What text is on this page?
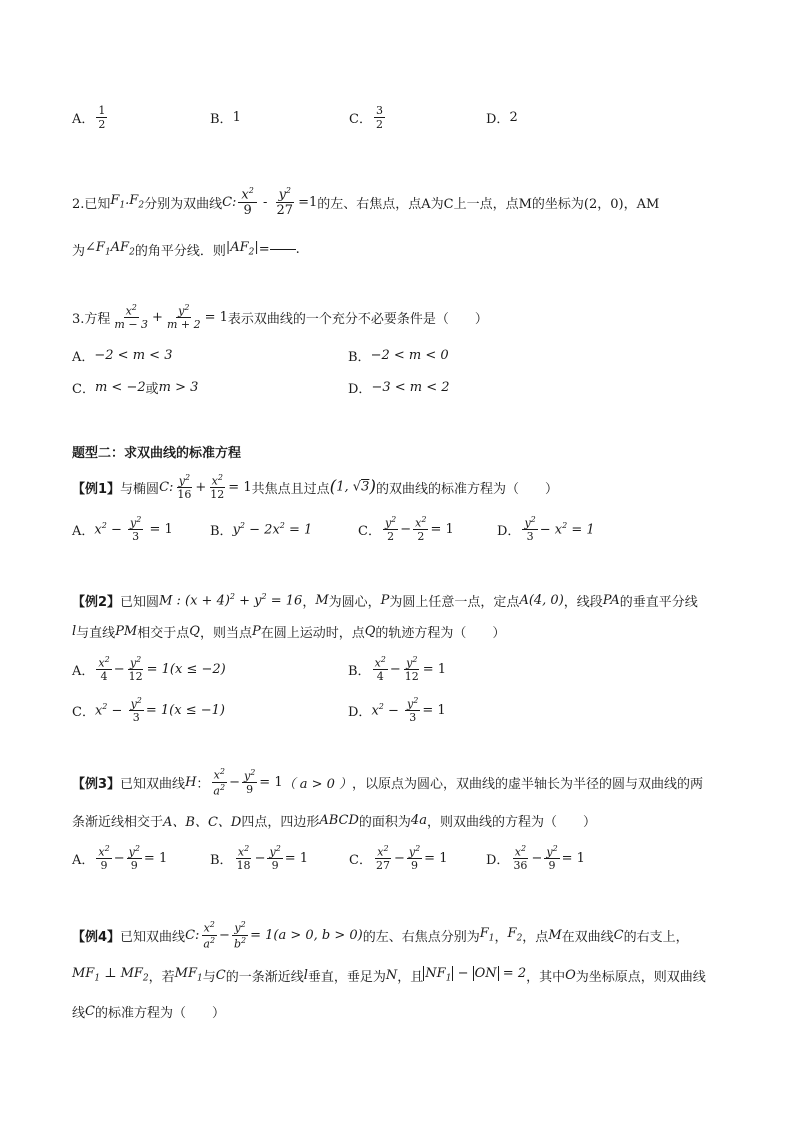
A． $\frac{1}{2}$	B． 1	C． $\frac{3}{2}$	D． 2
2.已知 $F_1.F_2$ 分别为双曲线 C: $\frac{x^2}{9} - \frac{y^2}{27} =1$ 的左、右焦点，点A为C上一点，点M的坐标为(2，0)，AM
为 $\angle F_1AF_2$ 的角平分线．则 $|AF_2|$ = .
3.方程 $\frac{x^2}{m - 3} + \frac{y^2}{m + 2} = 1$ 表示双曲线的一个充分不必要条件是（　　）
A． −2 < m < 3	B． −2 < m < 0
C． m < −2 或 m > 3	D． −3 < m < 2
题型二：求双曲线的标准方程
【例1】 与椭圆 C: $\frac{y^2}{16} + \frac{x^2}{12} = 1$ 共焦点且过点 (1, √3) 的双曲线的标准方程为（　　）
A． $x^2 - \frac{y^2}{3} = 1$	B． $y^2 - 2x^2 = 1$	C． $\frac{y^2}{2} - \frac{x^2}{2} = 1$	D． $\frac{y^2}{3} - x^2 = 1$
【例2】 已知圆 M : $(x + 4)^2 + y^2 = 16$ ， M 为圆心， P 为圆上任意一点，定点 A(4, 0) ，线段 PA 的垂直平分线
l 与直线 PM 相交于点 Q ，则当点 P 在圆上运动时，点 Q 的轨迹方程为（　　）
A． $\frac{x^2}{4} - \frac{y^2}{12} = 1(x \le -2)$	B． $\frac{x^2}{4} - \frac{y^2}{12} = 1$
C． $x^2 - \frac{y^2}{3} = 1(x \le -1)$	D． $x^2 - \frac{y^2}{3} = 1$
【例3】 已知双曲线 H ： $\frac{x^2}{a^2} - \frac{y^2}{9} = 1$ （ a > 0 ） ，以原点为圆心，双曲线的虚半轴长为半径的圆与双曲线的两
条渐近线相交于 A、B、C、D 四点，四边形 ABCD 的面积为 4a ，则双曲线的方程为（　　）
A． $\frac{x^2}{9} - \frac{y^2}{9} = 1$	B． $\frac{x^2}{18} - \frac{y^2}{9} = 1$	C． $\frac{x^2}{27} - \frac{y^2}{9} = 1$	D． $\frac{x^2}{36} - \frac{y^2}{9} = 1$
【例4】 已知双曲线 C: $\frac{x^2}{a^2} - \frac{y^2}{b^2} = 1(a > 0$, b > 0) 的左、右焦点分别为 $F_1$ ， $F_2$ ，点 M 在双曲线 C 的右支上，
$MF_1$ ⊥ $MF_2$ ，若 $MF_1$ 与 C 的一条渐近线 l 垂直，垂足为 N ，且 $NF_1$ − ON = 2 ，其中 O 为坐标原点，则双曲线
线 C 的标准方程为（　　）
